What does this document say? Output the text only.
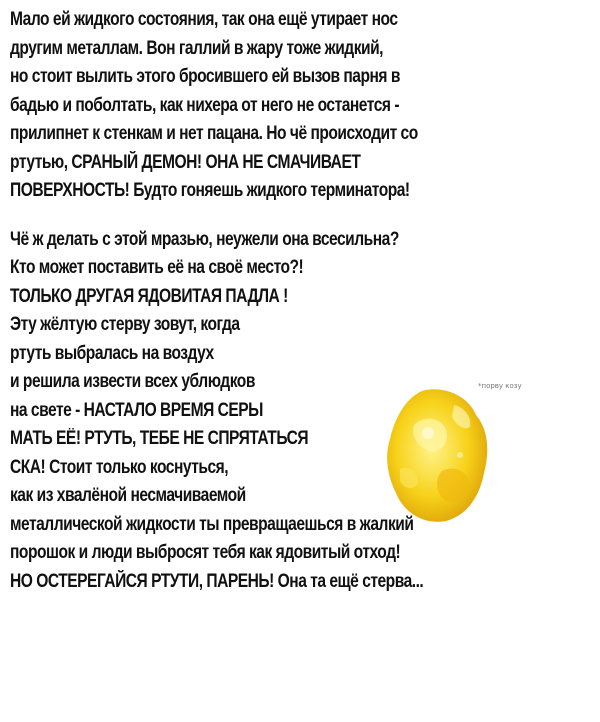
Мало ей жидкого состояния, так она ещё утирает нос
другим металлам. Вон галлий в жару тоже жидкий,
но стоит вылить этого бросившего ей вызов парня в
бадью и поболтать, как нихера от него не останется -
прилипнет к стенкам и нет пацана. Но чё происходит со
ртутью, СРАНЫЙ ДЕМОН! ОНА НЕ СМАЧИВАЕТ
ПОВЕРХНОСТЬ! Будто гоняешь жидкого терминатора!
Чё ж делать с этой мразью, неужели она всесильна?
Кто может поставить её на своё место?!
ТОЛЬКО ДРУГАЯ ЯДОВИТАЯ ПАДЛА !
Эту жёлтую стерву зовут, когда
ртуть выбралась на воздух
и решила извести всех ублюдков
на свете - НАСТАЛО ВРЕМЯ СЕРЫ
МАТЬ ЕЁ! РТУТЬ, ТЕБЕ НЕ СПРЯТАТЬСЯ
СКА! Стоит только коснуться,
как из хвалёной несмачиваемой
металлической жидкости ты превращаешься в жалкий
порошок и люди выбросят тебя как ядовитый отход!
НО ОСТЕРЕГАЙСЯ РТУТИ, ПАРЕНЬ! Она та ещё стерва...
*порву козу
